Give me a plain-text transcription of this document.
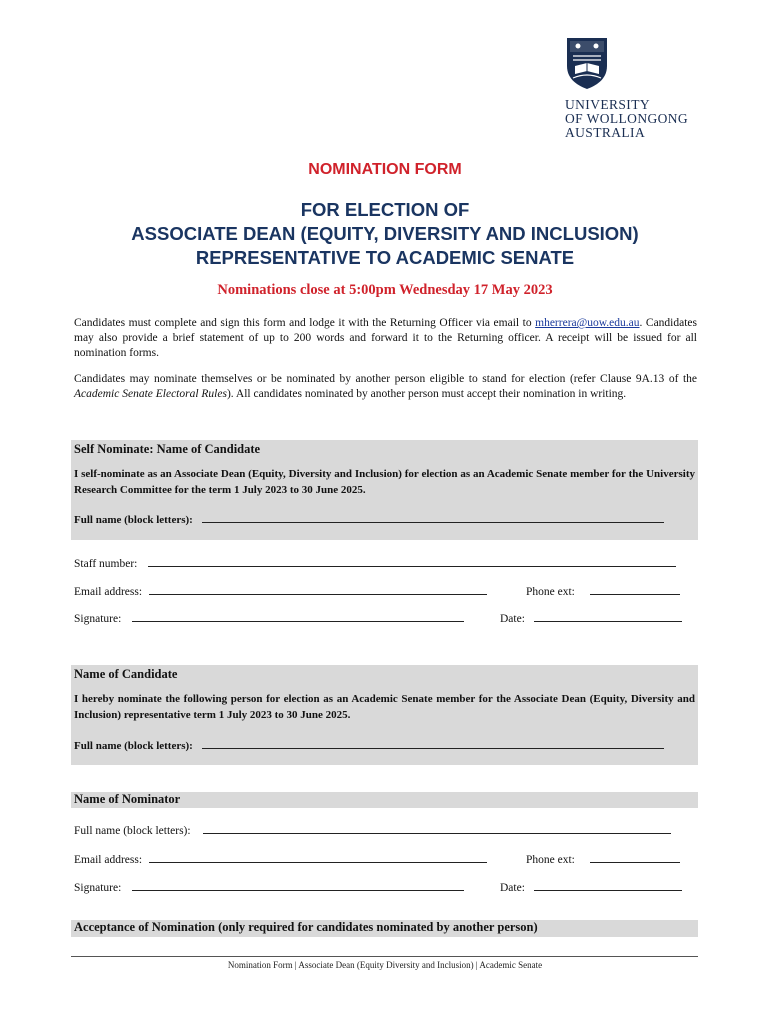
UNIVERSITY
OF WOLLONGONG
AUSTRALIA
NOMINATION FORM
FOR ELECTION OF
ASSOCIATE DEAN (EQUITY, DIVERSITY AND INCLUSION)
REPRESENTATIVE TO ACADEMIC SENATE
Nominations close at 5:00pm Wednesday 17 May 2023
Candidates must complete and sign this form and lodge it with the Returning Officer via email to mherrera@uow.edu.au. Candidates may also provide a brief statement of up to 200 words and forward it to the Returning officer. A receipt will be issued for all nomination forms.
Candidates may nominate themselves or be nominated by another person eligible to stand for election (refer Clause 9A.13 of the Academic Senate Electoral Rules). All candidates nominated by another person must accept their nomination in writing.
Self Nominate: Name of Candidate
I self-nominate as an Associate Dean (Equity, Diversity and Inclusion) for election as an Academic Senate member for the University Research Committee for the term 1 July 2023 to 30 June 2025.
Full name (block letters):
Staff number:
Email address:	Phone ext:
Signature:	Date:
Name of Candidate
I hereby nominate the following person for election as an Academic Senate member for the Associate Dean (Equity, Diversity and Inclusion) representative term 1 July 2023 to 30 June 2025.
Full name (block letters):
Name of Nominator
Full name (block letters):
Email address:	Phone ext:
Signature:	Date:
Acceptance of Nomination (only required for candidates nominated by another person)
Nomination Form | Associate Dean (Equity Diversity and Inclusion) | Academic Senate
